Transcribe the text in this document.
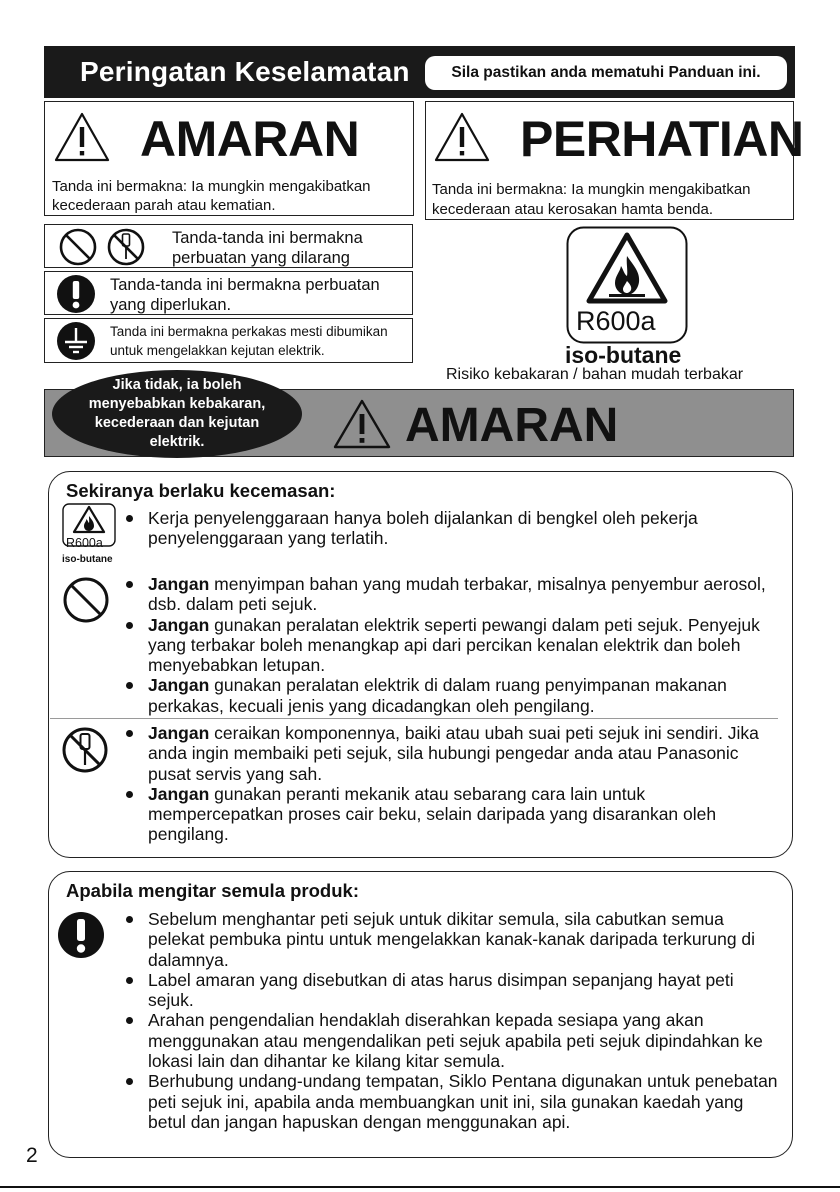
Peringatan Keselamatan	Sila pastikan anda mematuhi Panduan ini.
AMARAN
Tanda ini bermakna: Ia mungkin mengakibatkan
kecederaan parah atau kematian.
PERHATIAN
Tanda ini bermakna: Ia mungkin mengakibatkan
kecederaan atau kerosakan hamta benda.
Tanda-tanda ini bermakna
perbuatan yang dilarang
Tanda-tanda ini bermakna perbuatan
yang diperlukan.
Tanda ini bermakna perkakas mesti dibumikan
untuk mengelakkan kejutan elektrik.
R600a
iso-butane
Risiko kebakaran / bahan mudah terbakar
AMARAN
Jika tidak, ia boleh menyebabkan kebakaran, kecederaan dan kejutan elektrik.
Sekiranya berlaku kecemasan:
R600a
iso-butane
Kerja penyelenggaraan hanya boleh dijalankan di bengkel oleh pekerja penyelenggaraan yang terlatih.
Jangan menyimpan bahan yang mudah terbakar, misalnya penyembur aerosol, dsb. dalam peti sejuk.
Jangan gunakan peralatan elektrik seperti pewangi dalam peti sejuk. Penyejuk yang terbakar boleh menangkap api dari percikan kenalan elektrik dan boleh menyebabkan letupan.
Jangan gunakan peralatan elektrik di dalam ruang penyimpanan makanan perkakas, kecuali jenis yang dicadangkan oleh pengilang.
Jangan ceraikan komponennya, baiki atau ubah suai peti sejuk ini sendiri. Jika anda ingin membaiki peti sejuk, sila hubungi pengedar anda atau Panasonic pusat servis yang sah.
Jangan gunakan peranti mekanik atau sebarang cara lain untuk mempercepatkan proses cair beku, selain daripada yang disarankan oleh pengilang.
Apabila mengitar semula produk:
Sebelum menghantar peti sejuk untuk dikitar semula, sila cabutkan semua pelekat pembuka pintu untuk mengelakkan kanak-kanak daripada terkurung di dalamnya.
Label amaran yang disebutkan di atas harus disimpan sepanjang hayat peti sejuk.
Arahan pengendalian hendaklah diserahkan kepada sesiapa yang akan menggunakan atau mengendalikan peti sejuk apabila peti sejuk dipindahkan ke lokasi lain dan dihantar ke kilang kitar semula.
Berhubung undang-undang tempatan, Siklo Pentana digunakan untuk penebatan peti sejuk ini, apabila anda membuangkan unit ini, sila gunakan kaedah yang betul dan jangan hapuskan dengan menggunakan api.
2
